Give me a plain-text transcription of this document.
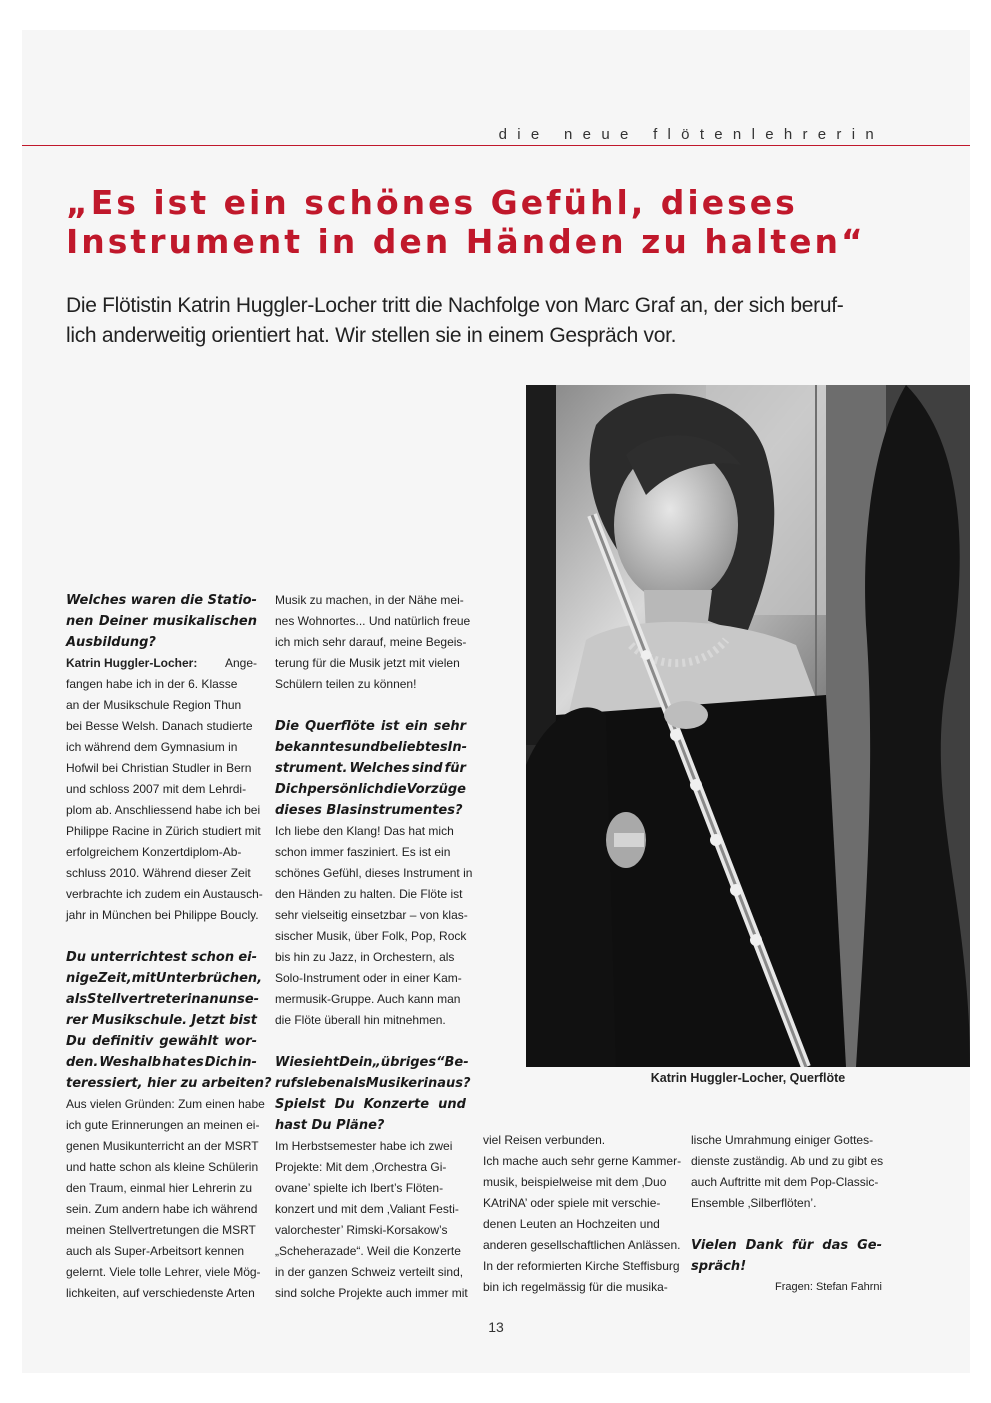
die neue flötenlehrerin
„Es ist ein schönes Gefühl, dieses
Instrument in den Händen zu halten“

Die Flötistin Katrin Huggler-Locher tritt die Nachfolge von Marc Graf an, der sich beruf-
lich anderweitig orientiert hat. Wir stellen sie in einem Gespräch vor.

Katrin Huggler-Locher, Querflöte
Welches waren die Statio-
nen Deiner musikalischen
Ausbildung?
Katrin Huggler-Locher: Ange-
fangen habe ich in der 6. Klasse
an der Musikschule Region Thun
bei Besse Welsh. Danach studierte
ich während dem Gymnasium in
Hofwil bei Christian Studler in Bern
und schloss 2007 mit dem Lehrdi-
plom ab. Anschliessend habe ich bei
Philippe Racine in Zürich studiert mit
erfolgreichem Konzertdiplom-Ab-
schluss 2010. Während dieser Zeit
verbrachte ich zudem ein Austausch-
jahr in München bei Philippe Boucly.
Du unterrichtest schon ei-
nige Zeit, mit Unterbrüchen,
als Stellvertreterin an unse-
rer Musikschule. Jetzt bist
Du definitiv gewählt wor-
den. Weshalb hat es Dich in-
teressiert, hier zu arbeiten?
Aus vielen Gründen: Zum einen habe
ich gute Erinnerungen an meinen ei-
genen Musikunterricht an der MSRT
und hatte schon als kleine Schülerin
den Traum, einmal hier Lehrerin zu
sein. Zum andern habe ich während
meinen Stellvertretungen die MSRT
auch als Super-Arbeitsort kennen
gelernt. Viele tolle Lehrer, viele Mög-
lichkeiten, auf verschiedenste Arten
Musik zu machen, in der Nähe mei-
nes Wohnortes... Und natürlich freue
ich mich sehr darauf, meine Begeis-
terung für die Musik jetzt mit vielen
Schülern teilen zu können!
Die Querflöte ist ein sehr
bekanntes und beliebtes In-
strument. Welches sind für
Dich persönlich die Vorzüge
dieses Blasinstrumentes?
Ich liebe den Klang! Das hat mich
schon immer fasziniert. Es ist ein
schönes Gefühl, dieses Instrument in
den Händen zu halten. Die Flöte ist
sehr vielseitig einsetzbar – von klas-
sischer Musik, über Folk, Pop, Rock
bis hin zu Jazz, in Orchestern, als
Solo-Instrument oder in einer Kam-
mermusik-Gruppe. Auch kann man
die Flöte überall hin mitnehmen.
Wie sieht Dein „übriges“ Be-
rufsleben als Musikerin aus?
Spielst Du Konzerte und
hast Du Pläne?
Im Herbstsemester habe ich zwei
Projekte: Mit dem ‚Orchestra Gi-
ovane’ spielte ich Ibert’s Flöten-
konzert und mit dem ‚Valiant Festi-
valorchester’ Rimski-Korsakow’s
„Scheherazade“. Weil die Konzerte
in der ganzen Schweiz verteilt sind,
sind solche Projekte auch immer mit
viel Reisen verbunden.
Ich mache auch sehr gerne Kammer-
musik, beispielweise mit dem ‚Duo
KAtriNA’ oder spiele mit verschie-
denen Leuten an Hochzeiten und
anderen gesellschaftlichen Anlässen.
In der reformierten Kirche Steffisburg
bin ich regelmässig für die musika-
lische Umrahmung einiger Gottes-
dienste zuständig. Ab und zu gibt es
auch Auftritte mit dem Pop-Classic-
Ensemble ‚Silberflöten’.
Vielen Dank für das Ge-
spräch!
Fragen: Stefan Fahrni
13
